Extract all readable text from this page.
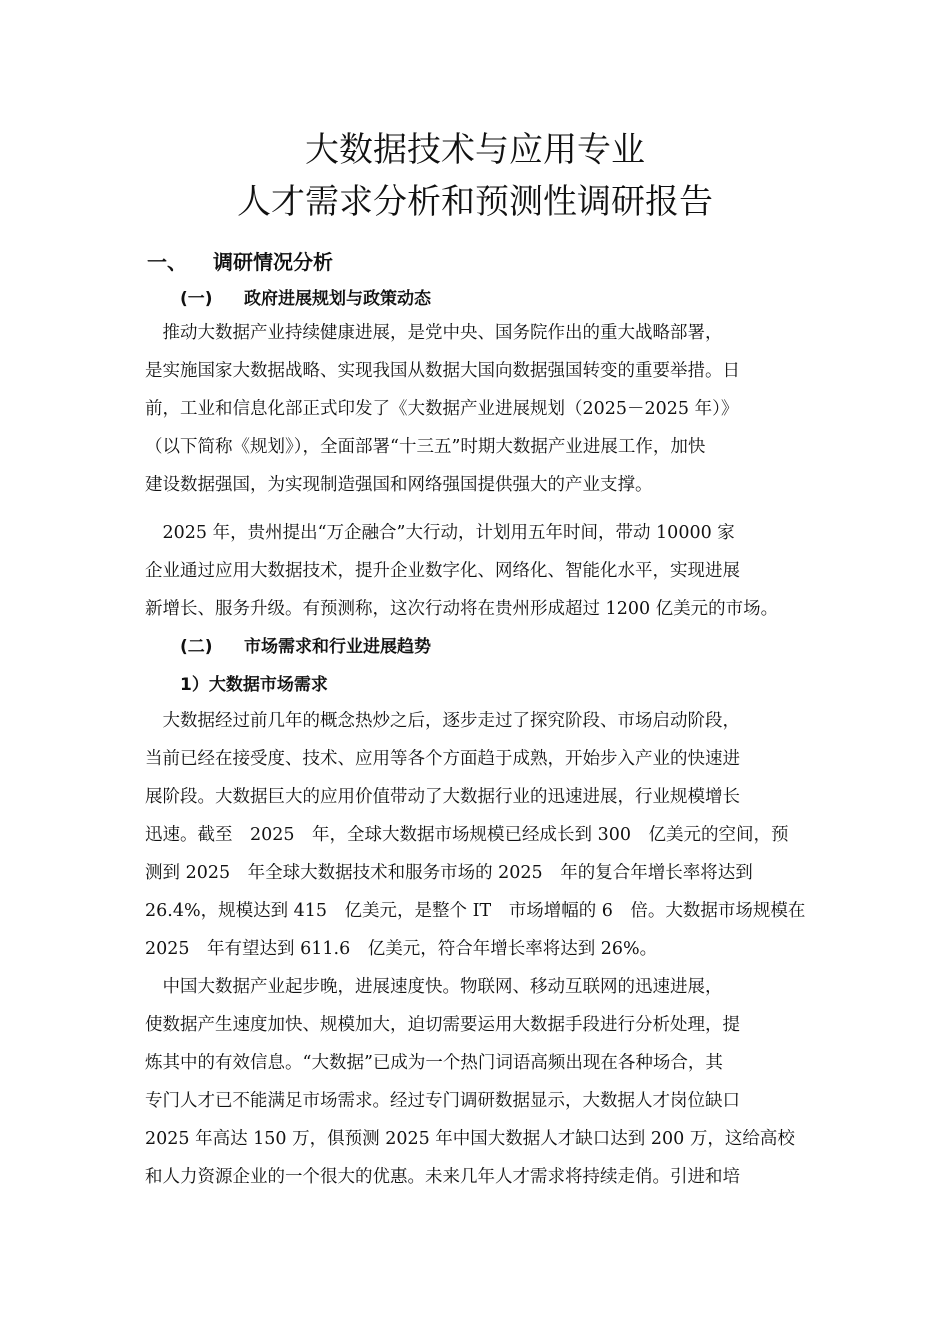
大数据技术与应用专业
人才需求分析和预测性调研报告
一、 调研情况分析
(一) 政府进展规划与政策动态
　推动大数据产业持续健康进展，是党中央、国务院作出的重大战略部署，
是实施国家大数据战略、实现我国从数据大国向数据强国转变的重要举措。日
前，工业和信息化部正式印发了《大数据产业进展规划（2025－2025 年）》
（以下简称《规划》），全面部署“十三五”时期大数据产业进展工作，加快
建设数据强国，为实现制造强国和网络强国提供强大的产业支撑。
　2025 年，贵州提出“万企融合”大行动，计划用五年时间，带动 10000 家
企业通过应用大数据技术，提升企业数字化、网络化、智能化水平，实现进展
新增长、服务升级。有预测称，这次行动将在贵州形成超过 1200 亿美元的市场。
(二) 市场需求和行业进展趋势
1）大数据市场需求
　大数据经过前几年的概念热炒之后，逐步走过了探究阶段、市场启动阶段，
当前已经在接受度、技术、应用等各个方面趋于成熟，开始步入产业的快速进
展阶段。大数据巨大的应用价值带动了大数据行业的迅速进展，行业规模增长
迅速。截至　2025　年，全球大数据市场规模已经成长到 300　亿美元的空间，预
测到 2025　年全球大数据技术和服务市场的 2025　年的复合年增长率将达到
26.4%，规模达到 415　亿美元，是整个 IT　市场增幅的 6　倍。大数据市场规模在
2025　年有望达到 611.6　亿美元，符合年增长率将达到 26%。
　中国大数据产业起步晚，进展速度快。物联网、移动互联网的迅速进展，
使数据产生速度加快、规模加大，迫切需要运用大数据手段进行分析处理，提
炼其中的有效信息。“大数据”已成为一个热门词语高频出现在各种场合，其
专门人才已不能满足市场需求。经过专门调研数据显示，大数据人才岗位缺口
2025 年高达 150 万，俱预测 2025 年中国大数据人才缺口达到 200 万，这给高校
和人力资源企业的一个很大的优惠。未来几年人才需求将持续走俏。引进和培
